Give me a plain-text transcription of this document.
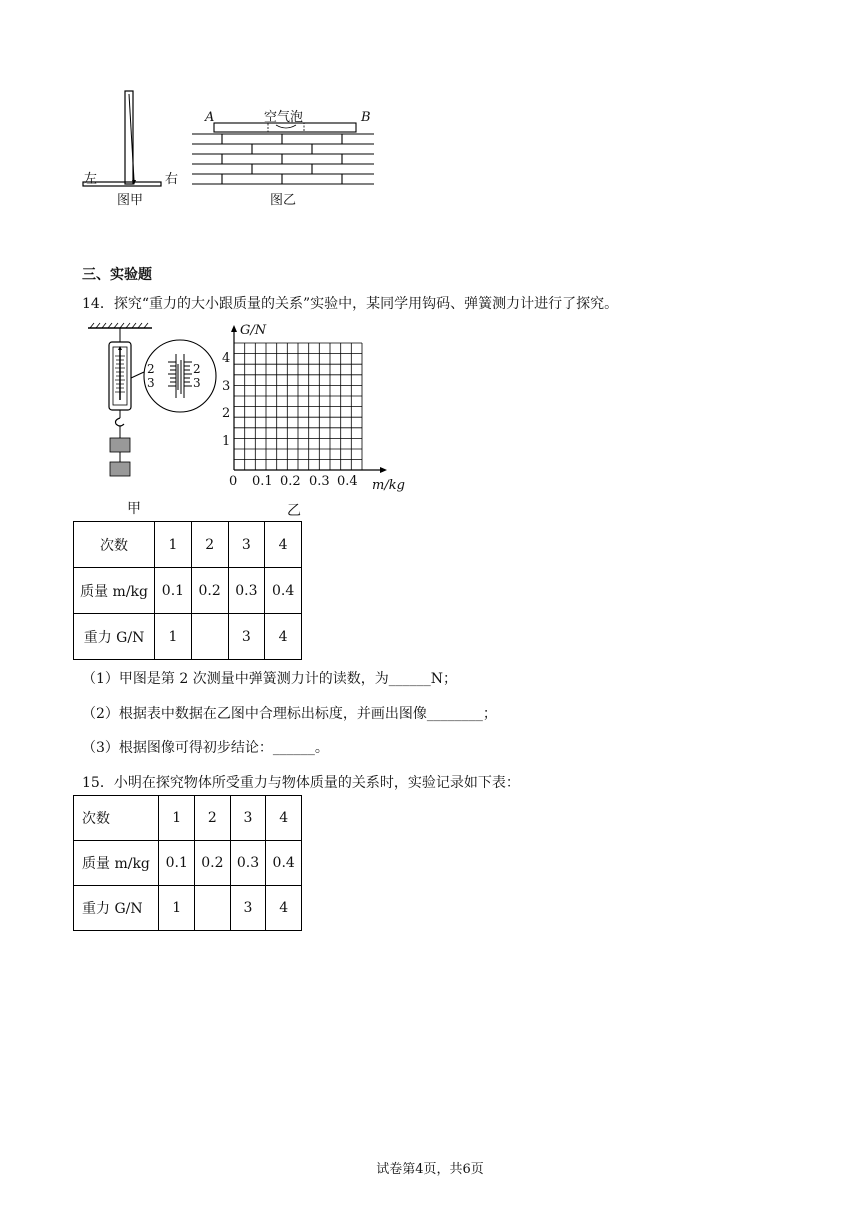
左	右
图甲
空气泡
A	B
图乙
三、实验题
14．探究“重力的大小跟质量的关系”实验中，某同学用钩码、弹簧测力计进行了探究。
2
3
2
3
甲
G/N
4
3
2
1
0 0.1 0.2 0.3 0.4 m/kg
乙
次数	1	2	3	4
质量 m/kg	0.1	0.2	0.3	0.4
重力 G/N	1		3	4
（1）甲图是第 2 次测量中弹簧测力计的读数，为______N；
（2）根据表中数据在乙图中合理标出标度，并画出图像________；
（3）根据图像可得初步结论：______。
15．小明在探究物体所受重力与物体质量的关系时，实验记录如下表：
次数	1	2	3	4
质量 m/kg	0.1	0.2	0.3	0.4
重力 G/N	1		3	4
试卷第4页，共6页
